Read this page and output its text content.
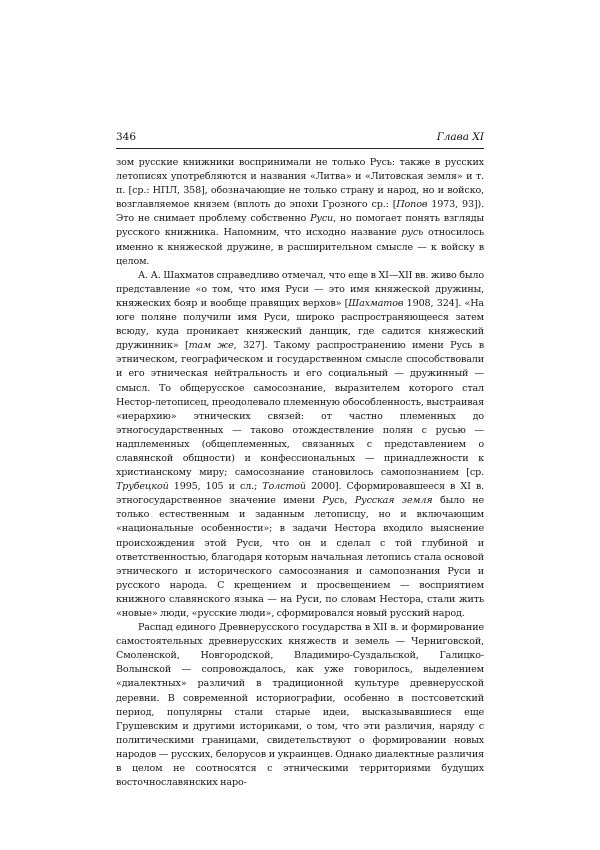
346	Глава XI

зом русские книжники воспринимали не только Русь: также в русских летописях употребляются и названия «Литва» и «Литовская земля» и т. п. [ср.: НПЛ, 358], обозначающие не только страну и народ, но и войско, возглавляемое князем (вплоть до эпохи Грозного ср.: [Попов 1973, 93]). Это не снимает проблему собственно Руси, но помогает понять взгляды русского книжника. Напомним, что исходно название русь относилось именно к княжеской дружине, в расширительном смысле — к войску в целом.

А. А. Шахматов справедливо отмечал, что еще в XI—XII вв. живо было представление «о том, что имя Руси — это имя княжеской дружины, княжеских бояр и вообще правящих верхов» [Шахматов 1908, 324]. «На юге поляне получили имя Руси, широко распространяющееся затем всюду, куда проникает княжеский данщик, где садится княжеский дружинник» [там же, 327]. Такому распространению имени Русь в этническом, географическом и государственном смысле способствовали и его этническая нейтральность и его социальный — дружинный — смысл. То общерусское самосознание, выразителем которого стал Нестор-летописец, преодолевало племенную обособленность, выстраивая «иерархию» этнических связей: от частно племенных до этногосударственных — таково отождествление полян с русью — надплеменных (общеплеменных, связанных с представлением о славянской общности) и конфессиональных — принадлежности к христианскому миру; самосознание становилось самопознанием [ср. Трубецкой 1995, 105 и сл.; Толстой 2000]. Сформировавшееся в XI в. этногосударственное значение имени Русь, Русская земля было не только естественным и заданным летописцу, но и включающим «национальные особенности»; в задачи Нестора входило выяснение происхождения этой Руси, что он и сделал с той глубиной и ответственностью, благодаря которым начальная летопись стала основой этнического и исторического самосознания и самопознания Руси и русского народа. С крещением и просвещением — восприятием книжного славянского языка — на Руси, по словам Нестора, стали жить «новые» люди, «русские люди», сформировался новый русский народ.

Распад единого Древнерусского государства в XII в. и формирование самостоятельных древнерусских княжеств и земель — Черниговской, Смоленской, Новгородской, Владимиро-Суздальской, Галицко-Волынской — сопровождалось, как уже говорилось, выделением «диалектных» различий в традиционной культуре древнерусской деревни. В современной историографии, особенно в постсоветский период, популярны стали старые идеи, высказывавшиеся еще Грушевским и другими историками, о том, что эти различия, наряду с политическими границами, свидетельствуют о формировании новых народов — русских, белорусов и украинцев. Однако диалектные различия в целом не соотносятся с этническими территориями будущих восточнославянских наро-
